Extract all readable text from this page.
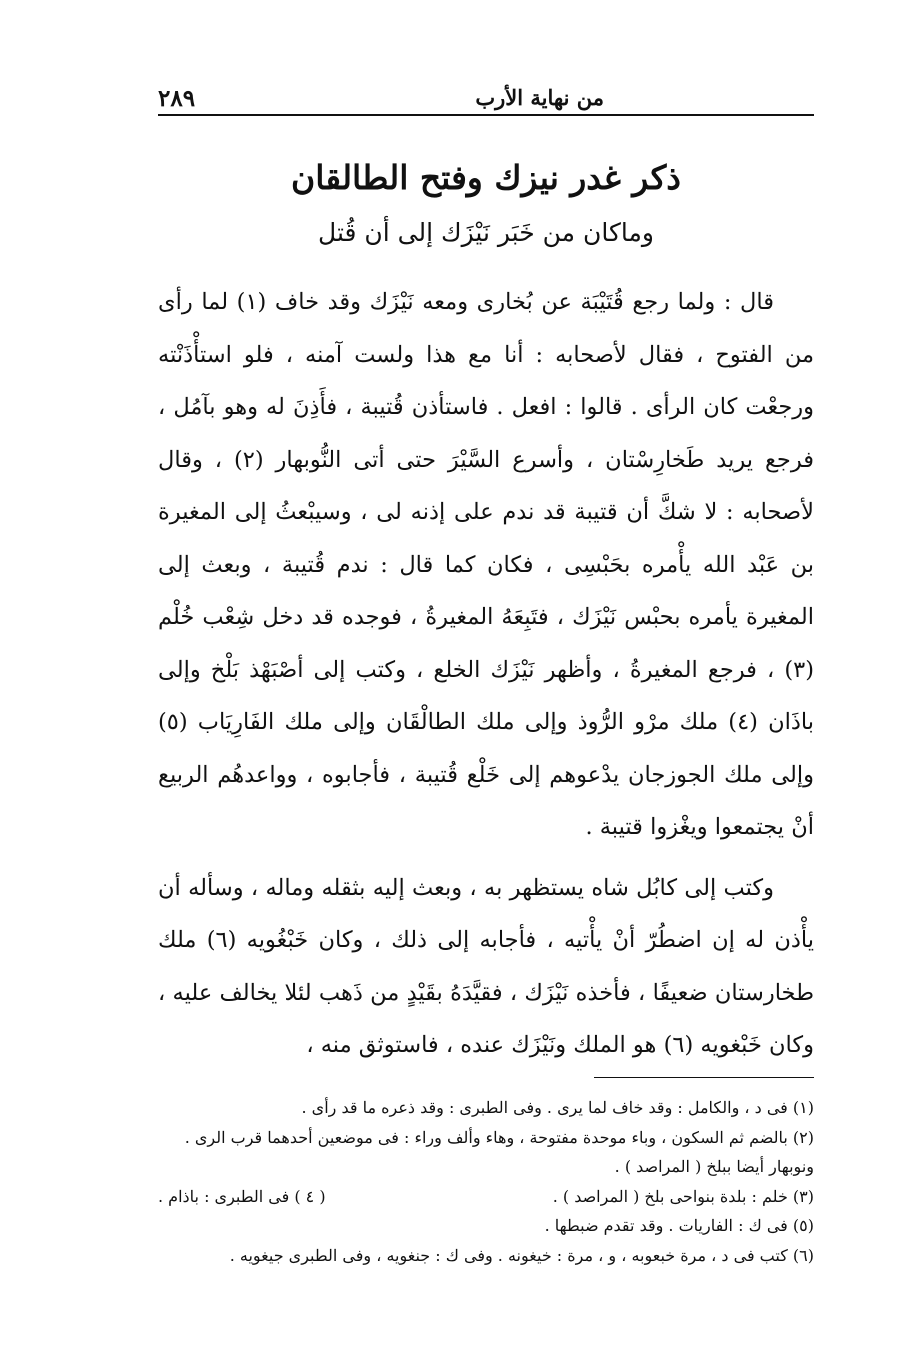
من نهاية الأرب
٢٨٩
ذكر غدر نيزك وفتح الطالقان
وماكان من خَبَر نَيْزَك إلى أن قُتل

قال : ولما رجع قُتَيْبَة عن بُخارى ومعه نَيْزَك وقد خاف (١) لما رأى من الفتوح ، فقال لأصحابه : أنا مع هذا ولست آمنه ، فلو استأْذَنْته ورجعْت كان الرأى . قالوا : افعل . فاستأذن قُتيبة ، فأَذِنَ له وهو بآمُل ، فرجع يريد طَخارِسْتان ، وأسرع السَّيْرَ حتى أتى النُّوبهار (٢) ، وقال لأصحابه : لا شكَّ أن قتيبة قد ندم على إذنه لى ، وسيبْعثُ إلى المغيرة بن عَبْد الله يأْمره بحَبْسِى ، فكان كما قال : ندم قُتيبة ، وبعث إلى المغيرة يأمره بحبْس نَيْزَك ، فتَبِعَهُ المغيرةُ ، فوجده قد دخل شِعْب خُلْم (٣) ، فرجع المغيرةُ ، وأظهر نَيْزَك الخلع ، وكتب إلى أصْبَهْذ بَلْخ وإلى باذَان (٤) ملك مرْو الرُّوذ وإلى ملك الطالْقَان وإلى ملك الفَارِيَاب (٥) وإلى ملك الجوزجان يدْعوهم إلى خَلْع قُتيبة ، فأجابوه ، وواعدهُم الربيع أنْ يجتمعوا ويغْزوا قتيبة .

وكتب إلى كابُل شاه يستظهر به ، وبعث إليه بثقله وماله ، وسأله أن يأْذن له إن اضطُرّ أنْ يأْتيه ، فأجابه إلى ذلك ، وكان خَبْغُويه (٦) ملك طخارستان ضعيفًا ، فأخذه نَيْزَك ، فقيَّدَهُ بقَيْدٍ من ذَهب لئلا يخالف عليه ، وكان خَبْغويه (٦) هو الملك ونَيْزَك عنده ، فاستوثق منه ،

(١) فى د ، والكامل : وقد خاف لما يرى . وفى الطبرى : وقد ذعره ما قد رأى .

(٢) بالضم ثم السكون ، وباء موحدة مفتوحة ، وهاء وألف وراء : فى موضعين أحدهما قرب الرى . ونوبهار أيضا ببلخ ( المراصد ) .

(٣) خلم : بلدة بنواحى بلخ ( المراصد ) .
( ٤ ) فى الطبرى : باذام .

(٥) فى ك : الفاريات . وقد تقدم ضبطها .

(٦) كتب فى د ، مرة خبعوبه ، و ، مرة : خيغونه . وفى ك : جنغويه ، وفى الطبرى جيغويه .
